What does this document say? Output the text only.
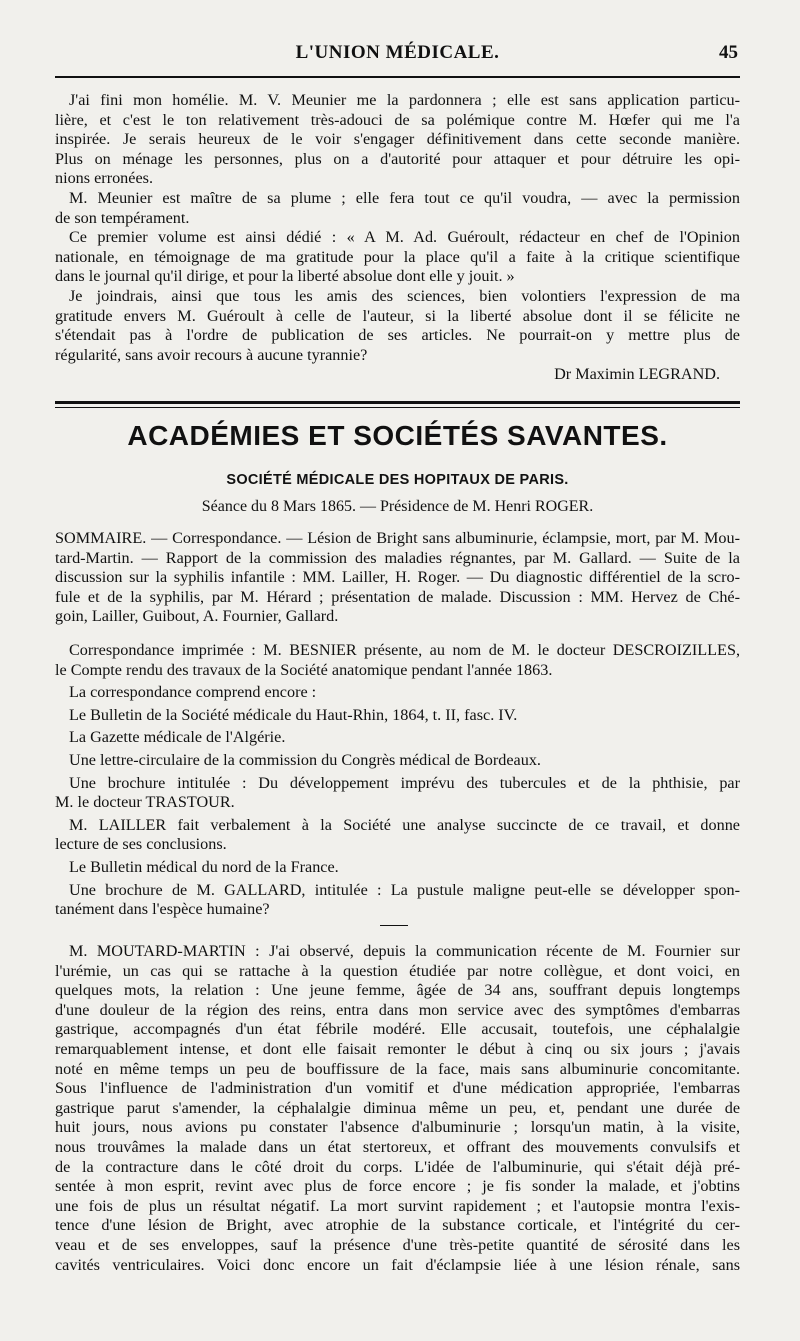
L'UNION MÉDICALE.	45

J'ai fini mon homélie. M. V. Meunier me la pardonnera ; elle est sans application particu-

lière, et c'est le ton relativement très-adouci de sa polémique contre M. Hœfer qui me l'a

inspirée. Je serais heureux de le voir s'engager définitivement dans cette seconde manière.

Plus on ménage les personnes, plus on a d'autorité pour attaquer et pour détruire les opi-

nions erronées.

M. Meunier est maître de sa plume ; elle fera tout ce qu'il voudra, — avec la permission

de son tempérament.

Ce premier volume est ainsi dédié : « A M. Ad. Guéroult, rédacteur en chef de l'Opinion

nationale, en témoignage de ma gratitude pour la place qu'il a faite à la critique scientifique

dans le journal qu'il dirige, et pour la liberté absolue dont elle y jouit. »

Je joindrais, ainsi que tous les amis des sciences, bien volontiers l'expression de ma

gratitude envers M. Guéroult à celle de l'auteur, si la liberté absolue dont il se félicite ne

s'étendait pas à l'ordre de publication de ses articles. Ne pourrait-on y mettre plus de

régularité, sans avoir recours à aucune tyrannie?

Dr Maximin LEGRAND.

ACADÉMIES ET SOCIÉTÉS SAVANTES.
SOCIÉTÉ MÉDICALE DES HOPITAUX DE PARIS.
Séance du 8 Mars 1865. — Présidence de M. Henri ROGER.

SOMMAIRE. — Correspondance. — Lésion de Bright sans albuminurie, éclampsie, mort, par M. Mou-

tard-Martin. — Rapport de la commission des maladies régnantes, par M. Gallard. — Suite de la

discussion sur la syphilis infantile : MM. Lailler, H. Roger. — Du diagnostic différentiel de la scro-

fule et de la syphilis, par M. Hérard ; présentation de malade. Discussion : MM. Hervez de Ché-

goin, Lailler, Guibout, A. Fournier, Gallard.

Correspondance imprimée : M. BESNIER présente, au nom de M. le docteur DESCROIZILLES,

le Compte rendu des travaux de la Société anatomique pendant l'année 1863.

La correspondance comprend encore :

Le Bulletin de la Société médicale du Haut-Rhin, 1864, t. II, fasc. IV.

La Gazette médicale de l'Algérie.

Une lettre-circulaire de la commission du Congrès médical de Bordeaux.

Une brochure intitulée : Du développement imprévu des tubercules et de la phthisie, par

M. le docteur TRASTOUR.

M. LAILLER fait verbalement à la Société une analyse succincte de ce travail, et donne

lecture de ses conclusions.

Le Bulletin médical du nord de la France.

Une brochure de M. GALLARD, intitulée : La pustule maligne peut-elle se développer spon-

tanément dans l'espèce humaine?

M. MOUTARD-MARTIN : J'ai observé, depuis la communication récente de M. Fournier sur

l'urémie, un cas qui se rattache à la question étudiée par notre collègue, et dont voici, en

quelques mots, la relation : Une jeune femme, âgée de 34 ans, souffrant depuis longtemps

d'une douleur de la région des reins, entra dans mon service avec des symptômes d'embarras

gastrique, accompagnés d'un état fébrile modéré. Elle accusait, toutefois, une céphalalgie

remarquablement intense, et dont elle faisait remonter le début à cinq ou six jours ; j'avais

noté en même temps un peu de bouffissure de la face, mais sans albuminurie concomitante.

Sous l'influence de l'administration d'un vomitif et d'une médication appropriée, l'embarras

gastrique parut s'amender, la céphalalgie diminua même un peu, et, pendant une durée de

huit jours, nous avions pu constater l'absence d'albuminurie ; lorsqu'un matin, à la visite,

nous trouvâmes la malade dans un état stertoreux, et offrant des mouvements convulsifs et

de la contracture dans le côté droit du corps. L'idée de l'albuminurie, qui s'était déjà pré-

sentée à mon esprit, revint avec plus de force encore ; je fis sonder la malade, et j'obtins

une fois de plus un résultat négatif. La mort survint rapidement ; et l'autopsie montra l'exis-

tence d'une lésion de Bright, avec atrophie de la substance corticale, et l'intégrité du cer-

veau et de ses enveloppes, sauf la présence d'une très-petite quantité de sérosité dans les

cavités ventriculaires. Voici donc encore un fait d'éclampsie liée à une lésion rénale, sans
